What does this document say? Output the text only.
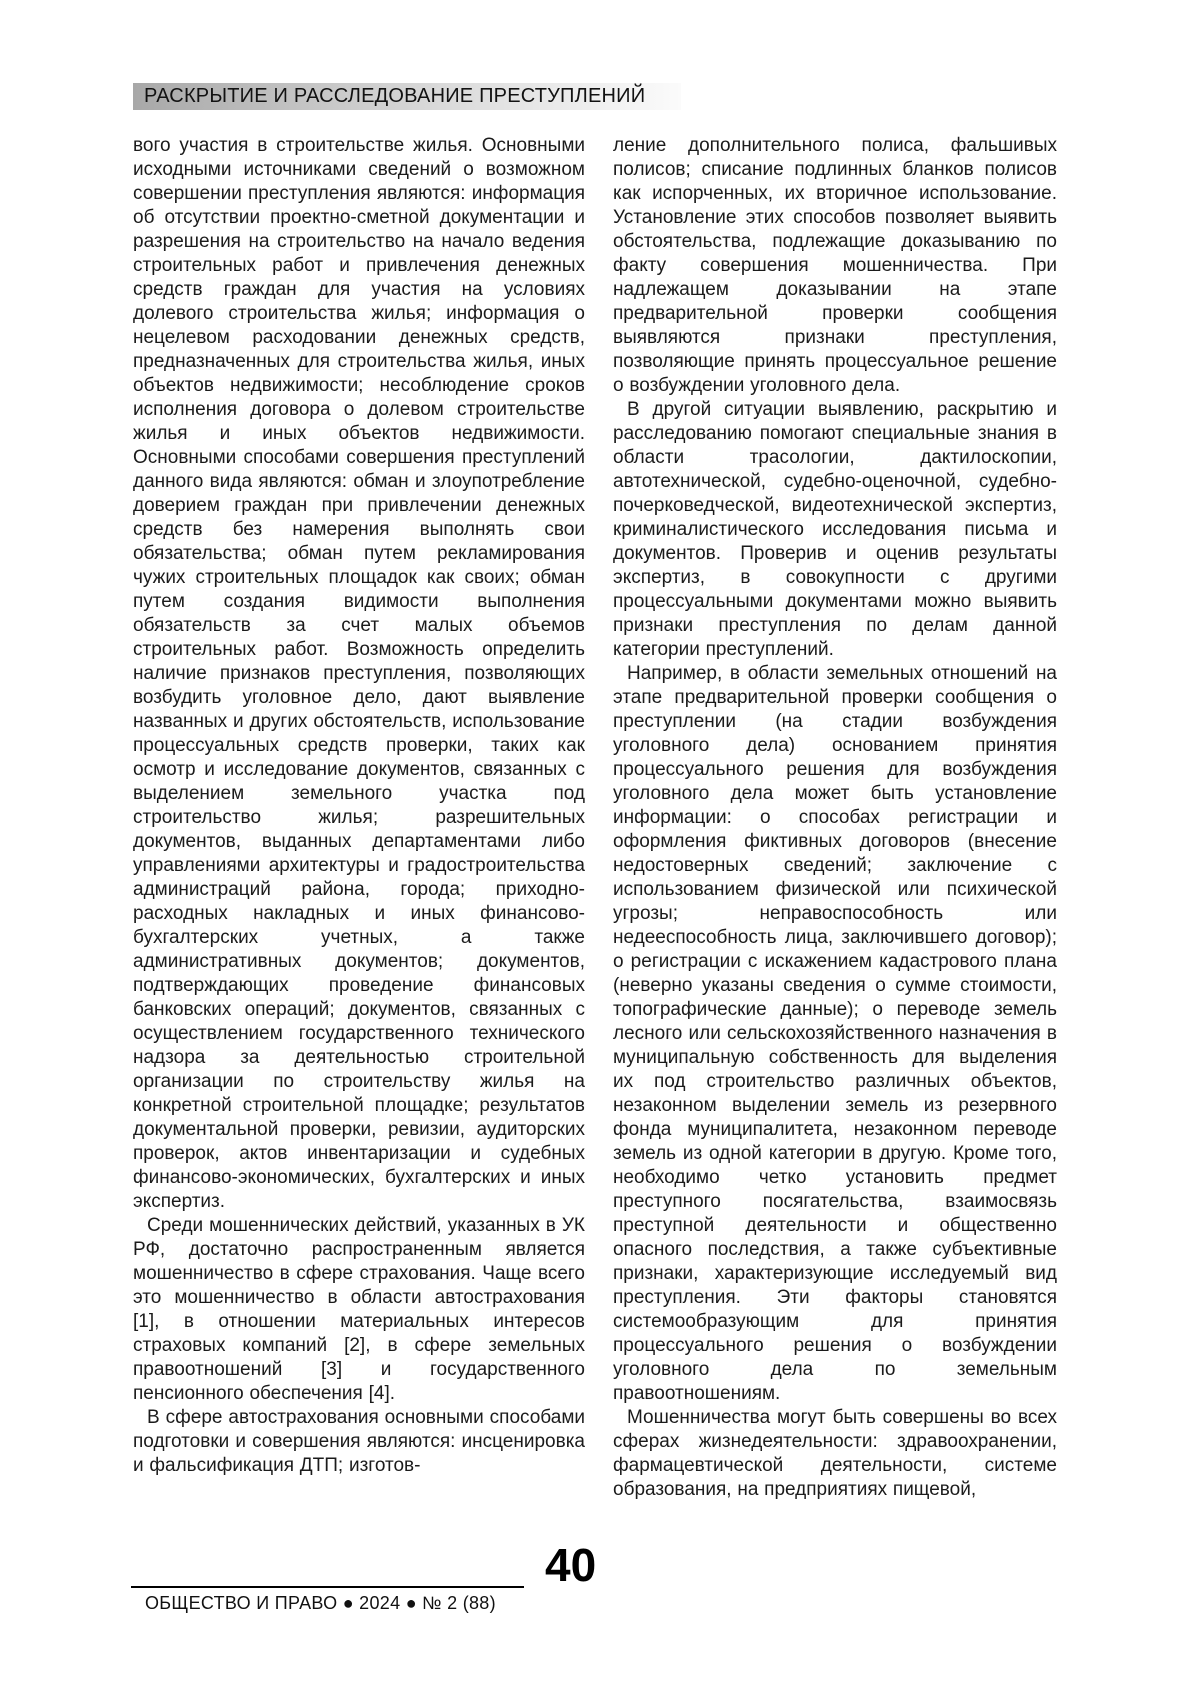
РАСКРЫТИЕ И РАССЛЕДОВАНИЕ ПРЕСТУПЛЕНИЙ

вого участия в строительстве жилья. Основными исходными источниками сведений о возможном совершении преступления являются: информация об отсутствии проектно-сметной документации и разрешения на строительство на начало ведения строительных работ и привлечения денежных средств граждан для участия на условиях долевого строительства жилья; информация о нецелевом расходовании денежных средств, предназначенных для строительства жилья, иных объектов недвижимости; несоблюдение сроков исполнения договора о долевом строительстве жилья и иных объектов недвижимости. Основными способами совершения преступлений данного вида являются: обман и злоупотребление доверием граждан при привлечении денежных средств без намерения выполнять свои обязательства; обман путем рекламирования чужих строительных площадок как своих; обман путем создания видимости выполнения обязательств за счет малых объемов строительных работ. Возможность определить наличие признаков преступления, позволяющих возбудить уголовное дело, дают выявление названных и других обстоятельств, использование процессуальных средств проверки, таких как осмотр и исследование документов, связанных с выделением земельного участка под строительство жилья; разрешительных документов, выданных департаментами либо управлениями архитектуры и градостроительства администраций района, города; приходно-расходных накладных и иных финансово-бухгалтерских учетных, а также административных документов; документов, подтверждающих проведение финансовых банковских операций; документов, связанных с осуществлением государственного технического надзора за деятельностью строительной организации по строительству жилья на конкретной строительной площадке; результатов документальной проверки, ревизии, аудиторских проверок, актов инвентаризации и судебных финансово-экономических, бухгалтерских и иных экспертиз.

Среди мошеннических действий, указанных в УК РФ, достаточно распространенным является мошенничество в сфере страхования. Чаще всего это мошенничество в области автострахования [1], в отношении материальных интересов страховых компаний [2], в сфере земельных правоотношений [3] и государственного пенсионного обеспечения [4].

В сфере автострахования основными способами подготовки и совершения являются: инсценировка и фальсификация ДТП; изготов-

ление дополнительного полиса, фальшивых полисов; списание подлинных бланков полисов как испорченных, их вторичное использование. Установление этих способов позволяет выявить обстоятельства, подлежащие доказыванию по факту совершения мошенничества. При надлежащем доказывании на этапе предварительной проверки сообщения выявляются признаки преступления, позволяющие принять процессуальное решение о возбуждении уголовного дела.

В другой ситуации выявлению, раскрытию и расследованию помогают специальные знания в области трасологии, дактилоскопии, автотехнической, судебно-оценочной, судебно-почерковедческой, видеотехнической экспертиз, криминалистического исследования письма и документов. Проверив и оценив результаты экспертиз, в совокупности с другими процессуальными документами можно выявить признаки преступления по делам данной категории преступлений.

Например, в области земельных отношений на этапе предварительной проверки сообщения о преступлении (на стадии возбуждения уголовного дела) основанием принятия процессуального решения для возбуждения уголовного дела может быть установление информации: о способах регистрации и оформления фиктивных договоров (внесение недостоверных сведений; заключение с использованием физической или психической угрозы; неправоспособность или недееспособность лица, заключившего договор); о регистрации с искажением кадастрового плана (неверно указаны сведения о сумме стоимости, топографические данные); о переводе земель лесного или сельскохозяйственного назначения в муниципальную собственность для выделения их под строительство различных объектов, незаконном выделении земель из резервного фонда муниципалитета, незаконном переводе земель из одной категории в другую. Кроме того, необходимо четко установить предмет преступного посягательства, взаимосвязь преступной деятельности и общественно опасного последствия, а также субъективные признаки, характеризующие исследуемый вид преступления. Эти факторы становятся системообразующим для принятия процессуального решения о возбуждении уголовного дела по земельным правоотношениям.

Мошенничества могут быть совершены во всех сферах жизнедеятельности: здравоохранении, фармацевтической деятельности, системе образования, на предприятиях пищевой,

40
ОБЩЕСТВО И ПРАВО ● 2024 ● № 2 (88)
